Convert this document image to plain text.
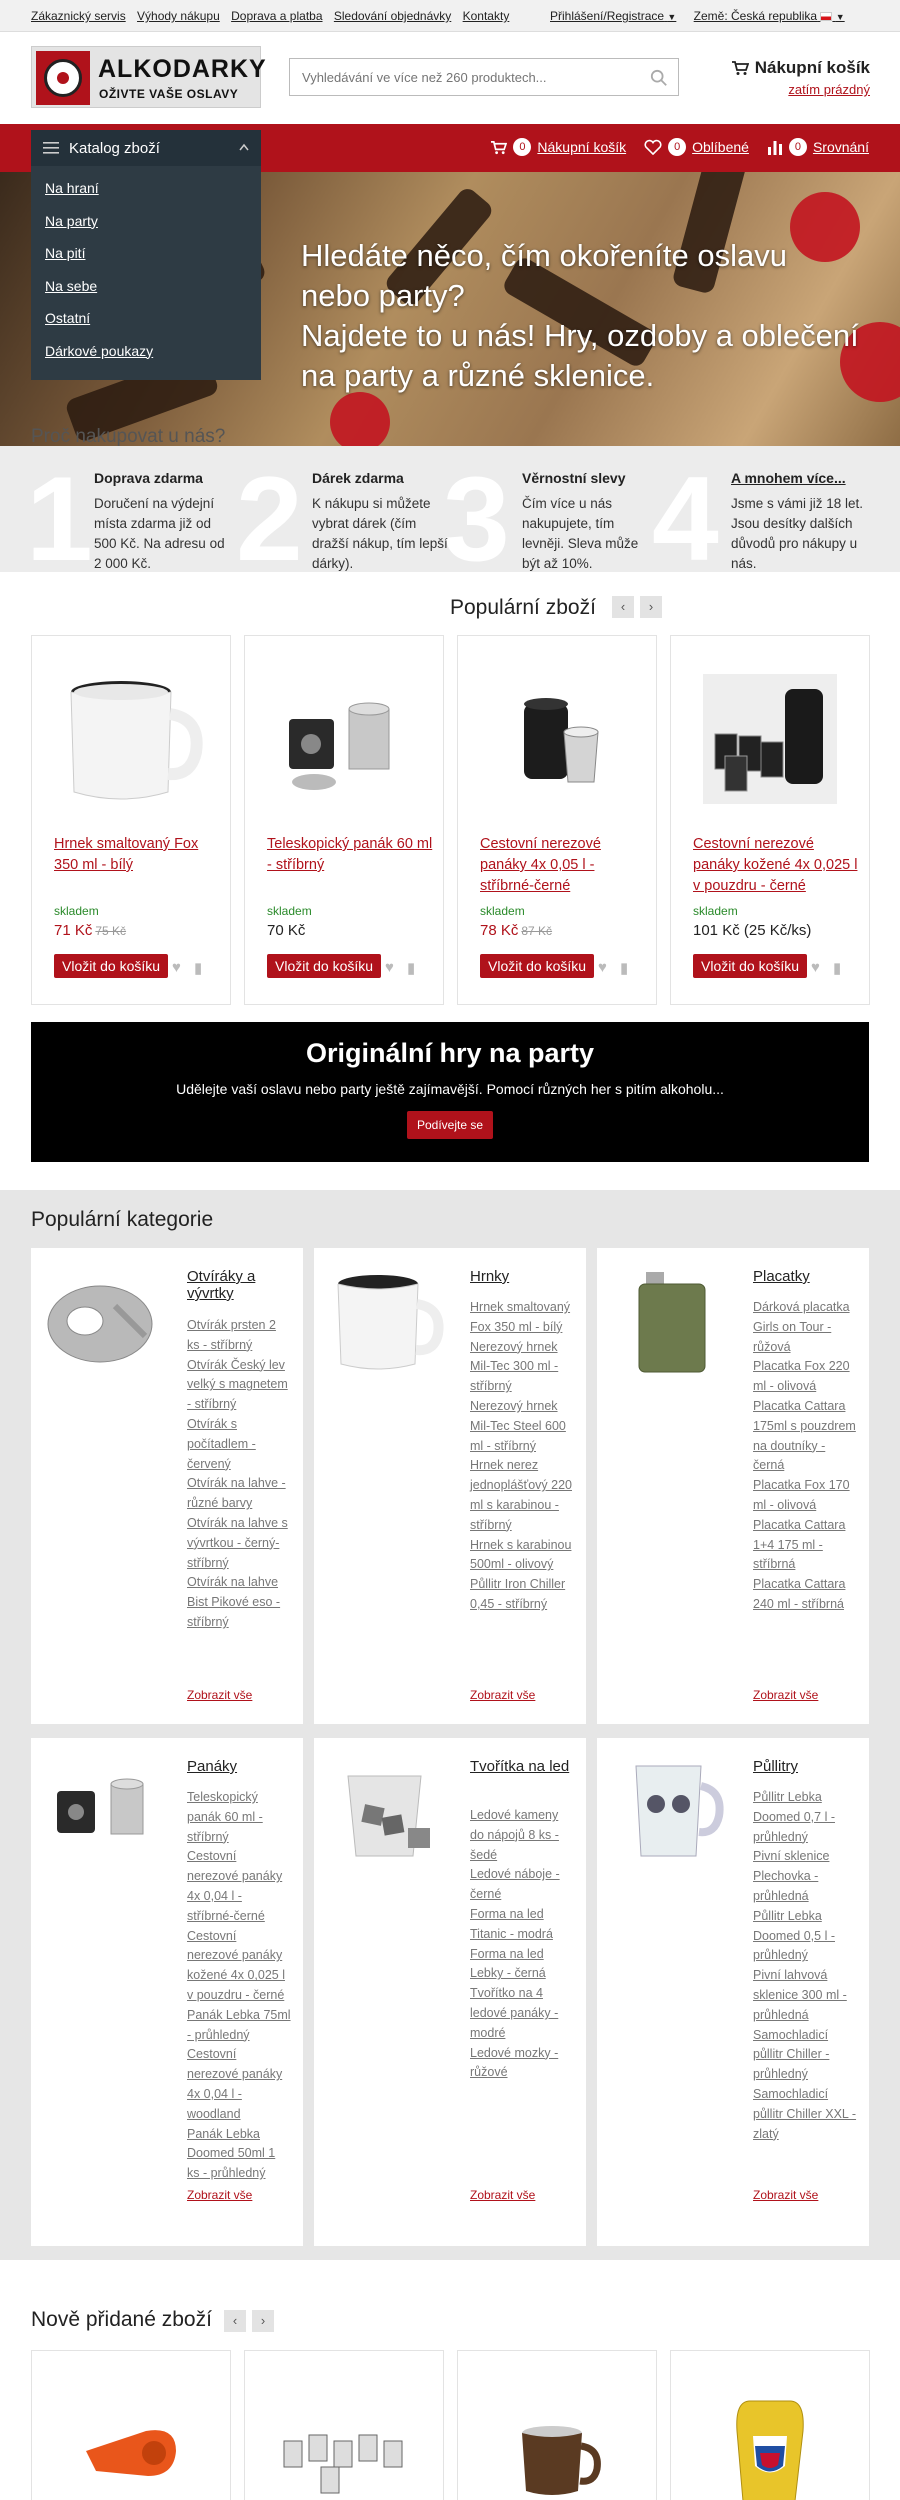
Zákaznický servis Výhody nákupu Doprava a platba Sledování objednávky Kontakty	Přihlášení/Registrace ▼ Země: Česká republika ▼
ALKODARKY
OŽIVTE VAŠE OSLAVY
Vyhledávání ve více než 260 produktech...
Nákupní košík
zatím prázdný
0 Nákupní košík	0 Oblíbené	0 Srovnání
Hledáte něco, čím okořeníte oslavu nebo party?
Najdete to u nás! Hry, ozdoby a oblečení na party a různé sklenice.
Katalog zboží
Na hraní
Na party
Na pití
Na sebe
Ostatní
Dárkové poukazy
Proč nakupovat u nás?
1 2 3 4
Doprava zdarma
Doručení na výdejní místa zdarma již od 500 Kč. Na adresu od 2 000 Kč.
Dárek zdarma
K nákupu si můžete vybrat dárek (čím dražší nákup, tím lepší dárky).
Věrnostní slevy
Čím více u nás nakupujete, tím levněji. Sleva může být až 10%.
A mnohem více...
Jsme s vámi již 18 let. Jsou desítky dalších důvodů pro nákupy u nás.
Populární zboží	‹	›
Hrnek smaltovaný Fox 350 ml - bílý
skladem
71 Kč 75 Kč
Vložit do košíku ♥ ▮
Teleskopický panák 60 ml - stříbrný
skladem
70 Kč
Vložit do košíku ♥ ▮
Cestovní nerezové panáky 4x 0,05 l - stříbrné-černé
skladem
78 Kč 87 Kč
Vložit do košíku ♥ ▮
Cestovní nerezové panáky kožené 4x 0,025 l v pouzdru - černé
skladem
101 Kč (25 Kč/ks)
Vložit do košíku ♥ ▮
Originální hry na party
Udělejte vaší oslavu nebo party ještě zajímavější. Pomocí různých her s pitím alkoholu...
Podívejte se
Populární kategorie
Otvíráky a vývrtky
Otvírák prsten 2 ks - stříbrný
Otvírák Český lev velký s magnetem - stříbrný
Otvírák s počítadlem - červený
Otvírák na lahve - různé barvy
Otvírák na lahve s vývrtkou - černý-stříbrný
Otvírák na lahve Bist Pikové eso - stříbrný
Zobrazit vše
Hrnky
Hrnek smaltovaný Fox 350 ml - bílý
Nerezový hrnek Mil-Tec 300 ml - stříbrný
Nerezový hrnek Mil-Tec Steel 600 ml - stříbrný
Hrnek nerez jednoplášťový 220 ml s karabinou - stříbrný
Hrnek s karabinou 500ml - olivový
Půllitr Iron Chiller 0,45 - stříbrný
Zobrazit vše
Placatky
Dárková placatka Girls on Tour - růžová
Placatka Fox 220 ml - olivová
Placatka Cattara 175ml s pouzdrem na doutníky - černá
Placatka Fox 170 ml - olivová
Placatka Cattara 1+4 175 ml - stříbrná
Placatka Cattara 240 ml - stříbrná
Zobrazit vše
Panáky
Teleskopický panák 60 ml - stříbrný
Cestovní nerezové panáky 4x 0,04 l - stříbrné-černé
Cestovní nerezové panáky kožené 4x 0,025 l v pouzdru - černé
Panák Lebka 75ml - průhledný
Cestovní nerezové panáky 4x 0,04 l - woodland
Panák Lebka Doomed 50ml 1 ks - průhledný
Zobrazit vše
Tvořítka na led
Ledové kameny do nápojů 8 ks - šedé
Ledové náboje - černé
Forma na led Titanic - modrá
Forma na led Lebky - černá
Tvořítko na 4 ledové panáky - modré
Ledové mozky - růžové
Zobrazit vše
Půllitry
Půllitr Lebka Doomed 0,7 l - průhledný
Pivní sklenice Plechovka - průhledná
Půllitr Lebka Doomed 0,5 l - průhledný
Pivní lahvová sklenice 300 ml - průhledná
Samochladicí půllitr Chiller - průhledný
Samochladicí půllitr Chiller XXL - zlatý
Zobrazit vše
Nově přidané zboží	‹	›
